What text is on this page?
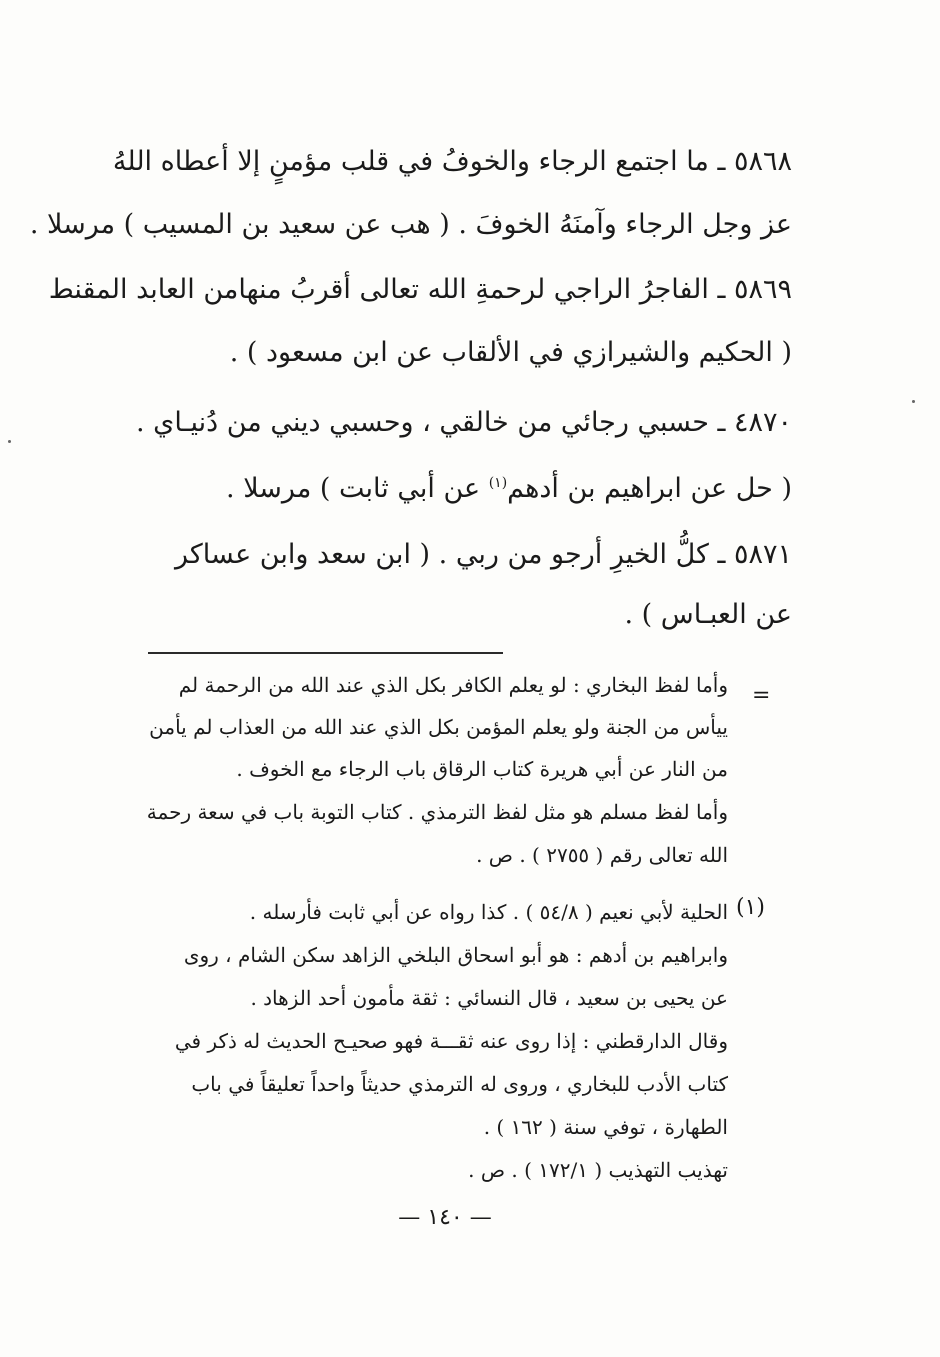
٥٨٦٨ ـ ما اجتمع الرجاء والخوفُ في قلب مؤمنٍ إلا أعطاه اللهُ
عز وجل الرجاء وآمنَهُ الخوفَ . ( هب عن سعيد بن المسيب ) مرسلا .
٥٨٦٩ ـ الفاجرُ الراجي لرحمةِ الله تعالى أقربُ منهامن العابد المقنط
( الحكيم والشيرازي في الألقاب عن ابن مسعود ) .
٤٨٧٠ ـ حسبي رجائي من خالقي ، وحسبي ديني من دُنيـاي .
( حل عن ابراهيم بن أدهم$^{(١)}$ عن أبي ثابت ) مرسلا .
٥٨٧١ ـ كلُّ الخيرِ أرجو من ربي . ( ابن سعد وابن عساكر
عن العبـاس ) .
=
وأما لفظ البخاري : لو يعلم الكافر بكل الذي عند الله من الرحمة لم
ييأس من الجنة ولو يعلم المؤمن بكل الذي عند الله من العذاب لم يأمن
من النار عن أبي هريرة كتاب الرقاق باب الرجاء مع الخوف .
وأما لفظ مسلم هو مثل لفظ الترمذي . كتاب التوبة باب في سعة رحمة
الله تعالى رقم ( ٢٧٥٥ ) . ص .
(١)
الحلية لأبي نعيم ( ٥٤/٨ ) . كذا رواه عن أبي ثابت فأرسله .
وابراهيم بن أدهم : هو أبو اسحاق البلخي الزاهد سكن الشام ، روى
عن يحيى بن سعيد ، قال النسائي : ثقة مأمون أحد الزهاد .
وقال الدارقطني : إذا روى عنه ثقـــة فهو صحيـح الحديث له ذكر في
كتاب الأدب للبخاري ، وروى له الترمذي حديثاً واحداً تعليقاً في باب
الطهارة ، توفي سنة ( ١٦٢ ) .
تهذيب التهذيب ( ١٧٢/١ ) . ص .
— ١٤٠ —
